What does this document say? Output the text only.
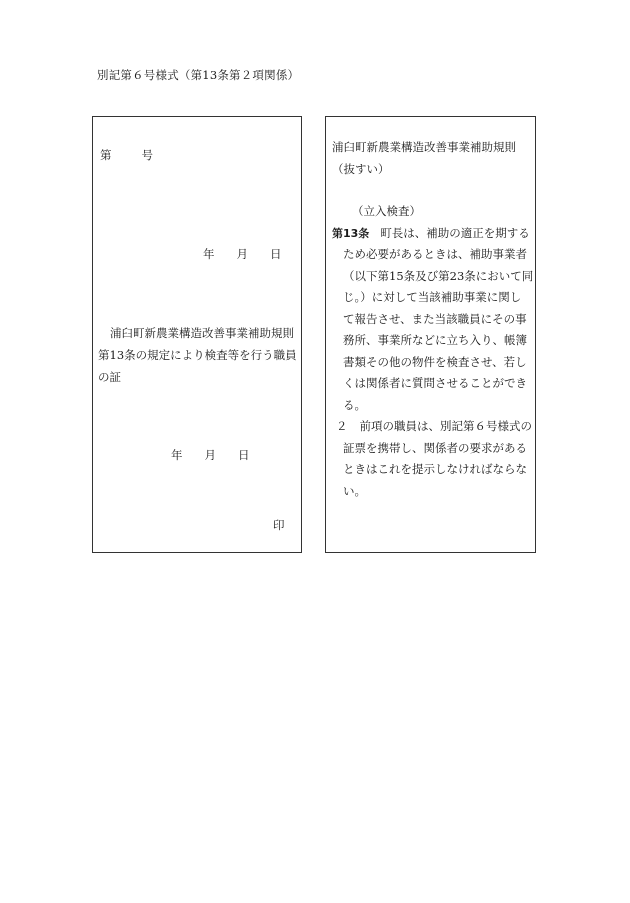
別記第６号様式（第13条第２項関係）
第	号
年 月 日
浦臼町新農業構造改善事業補助規則
第13条の規定により検査等を行う職員
の証
年 月 日
印
浦臼町新農業構造改善事業補助規則
（抜すい）
（立入検査）
第13条 町長は、補助の適正を期する
ため必要があるときは、補助事業者
（以下第15条及び第23条において同
じ。）に対して当該補助事業に関し
て報告させ、また当該職員にその事
務所、事業所などに立ち入り、帳簿
書類その他の物件を検査させ、若し
くは関係者に質問させることができ
る。
２ 前項の職員は、別記第６号様式の
証票を携帯し、関係者の要求がある
ときはこれを提示しなければならな
い。
